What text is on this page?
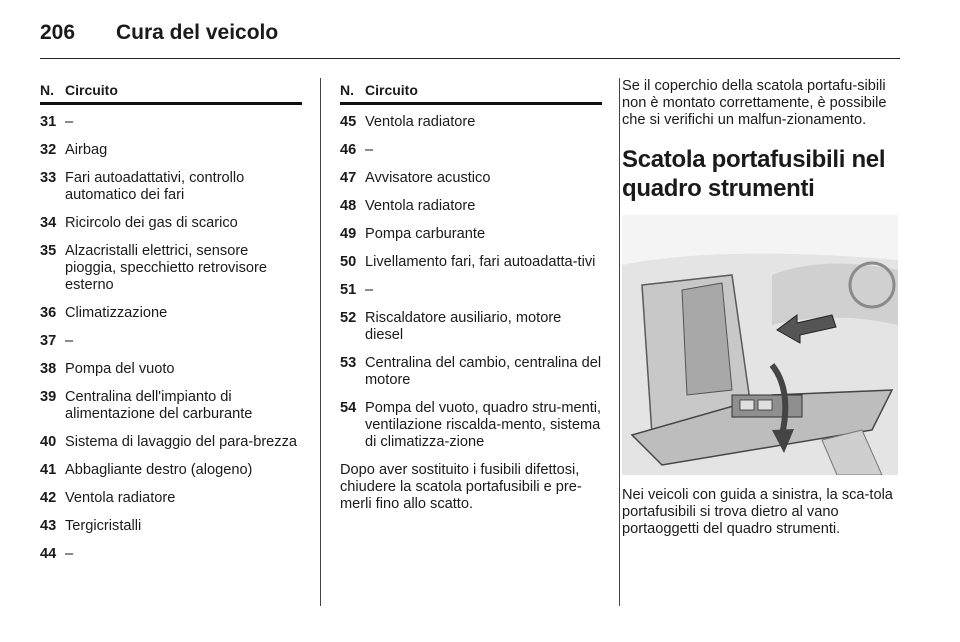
206	Cura del veicolo
N. Circuito
31 –
32 Airbag
33 Fari autoadattativi, controllo automatico dei fari
34 Ricircolo dei gas di scarico
35 Alzacristalli elettrici, sensore pioggia, specchietto retrovisore esterno
36 Climatizzazione
37 –
38 Pompa del vuoto
39 Centralina dell'impianto di alimentazione del carburante
40 Sistema di lavaggio del para-brezza
41 Abbagliante destro (alogeno)
42 Ventola radiatore
43 Tergicristalli
44 –
N. Circuito
45 Ventola radiatore
46 –
47 Avvisatore acustico
48 Ventola radiatore
49 Pompa carburante
50 Livellamento fari, fari autoadatta-tivi
51 –
52 Riscaldatore ausiliario, motore diesel
53 Centralina del cambio, centralina del motore
54 Pompa del vuoto, quadro stru-menti, ventilazione riscalda-mento, sistema di climatizza-zione

Dopo aver sostituito i fusibili difettosi, chiudere la scatola portafusibili e pre-merli fino allo scatto.

Se il coperchio della scatola portafu-sibili non è montato correttamente, è possibile che si verifichi un malfun-zionamento.

Scatola portafusibili nel quadro strumenti

Nei veicoli con guida a sinistra, la sca-tola portafusibili si trova dietro al vano portaoggetti del quadro strumenti.
